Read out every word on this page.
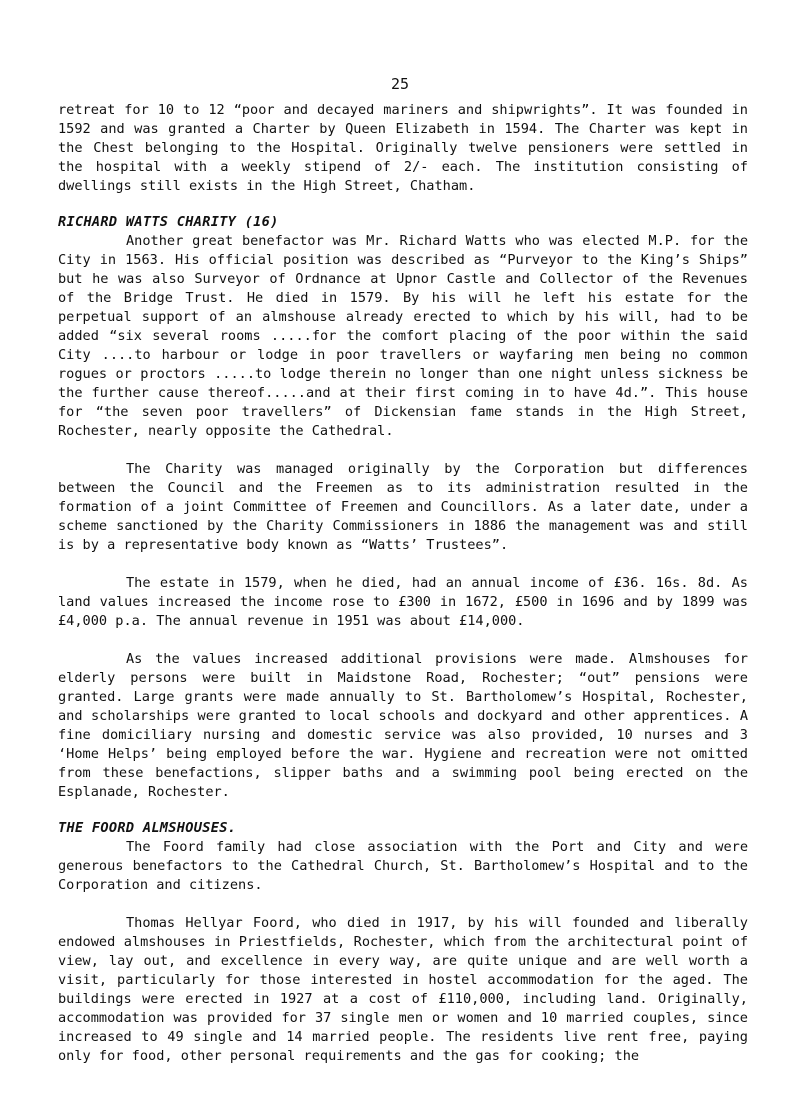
25

retreat for 10 to 12 “poor and decayed mariners and shipwrights”. It was founded in 1592 and was granted a Charter by Queen Elizabeth in 1594. The Charter was kept in the Chest belonging to the Hospital. Originally twelve pensioners were settled in the hospital with a weekly stipend of 2/- each. The institution consisting of dwellings still exists in the High Street, Chatham.

RICHARD WATTS CHARITY (16)

Another great benefactor was Mr. Richard Watts who was elected M.P. for the City in 1563. His official position was described as “Purveyor to the King’s Ships” but he was also Surveyor of Ordnance at Upnor Castle and Collector of the Revenues of the Bridge Trust. He died in 1579. By his will he left his estate for the perpetual support of an almshouse already erected to which by his will, had to be added “six several rooms .....for the comfort placing of the poor within the said City ....to harbour or lodge in poor travellers or wayfaring men being no common rogues or proctors .....to lodge therein no longer than one night unless sickness be the further cause thereof.....and at their first coming in to have 4d.”. This house for “the seven poor travellers” of Dickensian fame stands in the High Street, Rochester, nearly opposite the Cathedral.

The Charity was managed originally by the Corporation but differences between the Council and the Freemen as to its administration resulted in the formation of a joint Committee of Freemen and Councillors. As a later date, under a scheme sanctioned by the Charity Commissioners in 1886 the management was and still is by a representative body known as “Watts’ Trustees”.

The estate in 1579, when he died, had an annual income of £36. 16s. 8d. As land values increased the income rose to £300 in 1672, £500 in 1696 and by 1899 was £4,000 p.a. The annual revenue in 1951 was about £14,000.

As the values increased additional provisions were made. Almshouses for elderly persons were built in Maidstone Road, Rochester; “out” pensions were granted. Large grants were made annually to St. Bartholomew’s Hospital, Rochester, and scholarships were granted to local schools and dockyard and other apprentices. A fine domiciliary nursing and domestic service was also provided, 10 nurses and 3 ‘Home Helps’ being employed before the war. Hygiene and recreation were not omitted from these benefactions, slipper baths and a swimming pool being erected on the Esplanade, Rochester.

THE FOORD ALMSHOUSES.

The Foord family had close association with the Port and City and were generous benefactors to the Cathedral Church, St. Bartholomew’s Hospital and to the Corporation and citizens.

Thomas Hellyar Foord, who died in 1917, by his will founded and liberally endowed almshouses in Priestfields, Rochester, which from the architectural point of view, lay out, and excellence in every way, are quite unique and are well worth a visit, particularly for those interested in hostel accommodation for the aged. The buildings were erected in 1927 at a cost of £110,000, including land. Originally, accommodation was provided for 37 single men or women and 10 married couples, since increased to 49 single and 14 married people. The residents live rent free, paying only for food, other personal requirements and the gas for cooking; the
